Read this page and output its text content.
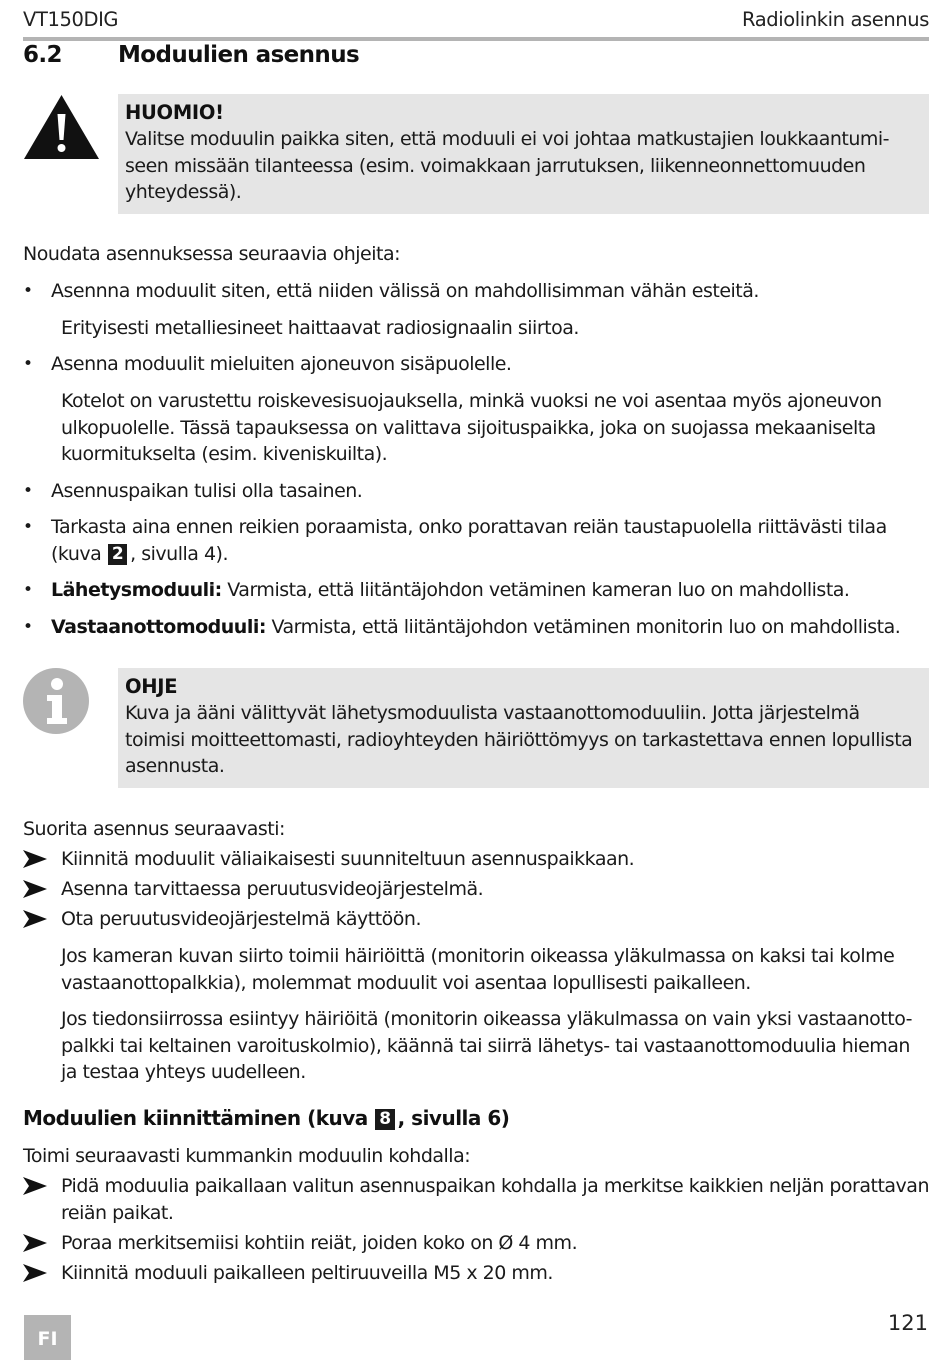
VT150DIG	Radiolinkin asennus
6.2 Moduulien asennus
HUOMIO!
Valitse moduulin paikka siten, että moduuli ei voi johtaa matkustajien loukkaantumi-seen missään tilanteessa (esim. voimakkaan jarrutuksen, liikenneonnettomuuden yhteydessä).
Noudata asennuksessa seuraavia ohjeita:
• Asennna moduulit siten, että niiden välissä on mahdollisimman vähän esteitä.
Erityisesti metalliesineet haittaavat radiosignaalin siirtoa.
• Asenna moduulit mieluiten ajoneuvon sisäpuolelle.
Kotelot on varustettu roiskevesisuojauksella, minkä vuoksi ne voi asentaa myös ajoneuvon ulkopuolelle. Tässä tapauksessa on valittava sijoituspaikka, joka on suojassa mekaaniselta kuormitukselta (esim. kiveniskuilta).
• Asennuspaikan tulisi olla tasainen.
• Tarkasta aina ennen reikien poraamista, onko porattavan reiän taustapuolella riittävästi tilaa (kuva 2 , sivulla 4).
• Lähetysmoduuli: Varmista, että liitäntäjohdon vetäminen kameran luo on mahdollista.
• Vastaanottomoduuli: Varmista, että liitäntäjohdon vetäminen monitorin luo on mahdollista.
OHJE
Kuva ja ääni välittyvät lähetysmoduulista vastaanottomoduuliin. Jotta järjestelmä toimisi moitteettomasti, radioyhteyden häiriöttömyys on tarkastettava ennen lopullista asennusta.
Suorita asennus seuraavasti:
Kiinnitä moduulit väliaikaisesti suunniteltuun asennuspaikkaan.
Asenna tarvittaessa peruutusvideojärjestelmä.
Ota peruutusvideojärjestelmä käyttöön.
Jos kameran kuvan siirto toimii häiriöittä (monitorin oikeassa yläkulmassa on kaksi tai kolme vastaanottopalkkia), molemmat moduulit voi asentaa lopullisesti paikalleen.
Jos tiedonsiirrossa esiintyy häiriöitä (monitorin oikeassa yläkulmassa on vain yksi vastaanotto-palkki tai keltainen varoituskolmio), käännä tai siirrä lähetys- tai vastaanottomoduulia hieman ja testaa yhteys uudelleen.
Moduulien kiinnittäminen (kuva 8 , sivulla 6)
Toimi seuraavasti kummankin moduulin kohdalla:
Pidä moduulia paikallaan valitun asennuspaikan kohdalla ja merkitse kaikkien neljän porattavan reiän paikat.
Poraa merkitsemiisi kohtiin reiät, joiden koko on Ø 4 mm.
Kiinnitä moduuli paikalleen peltiruuveilla M5 x 20 mm.
FI
121
